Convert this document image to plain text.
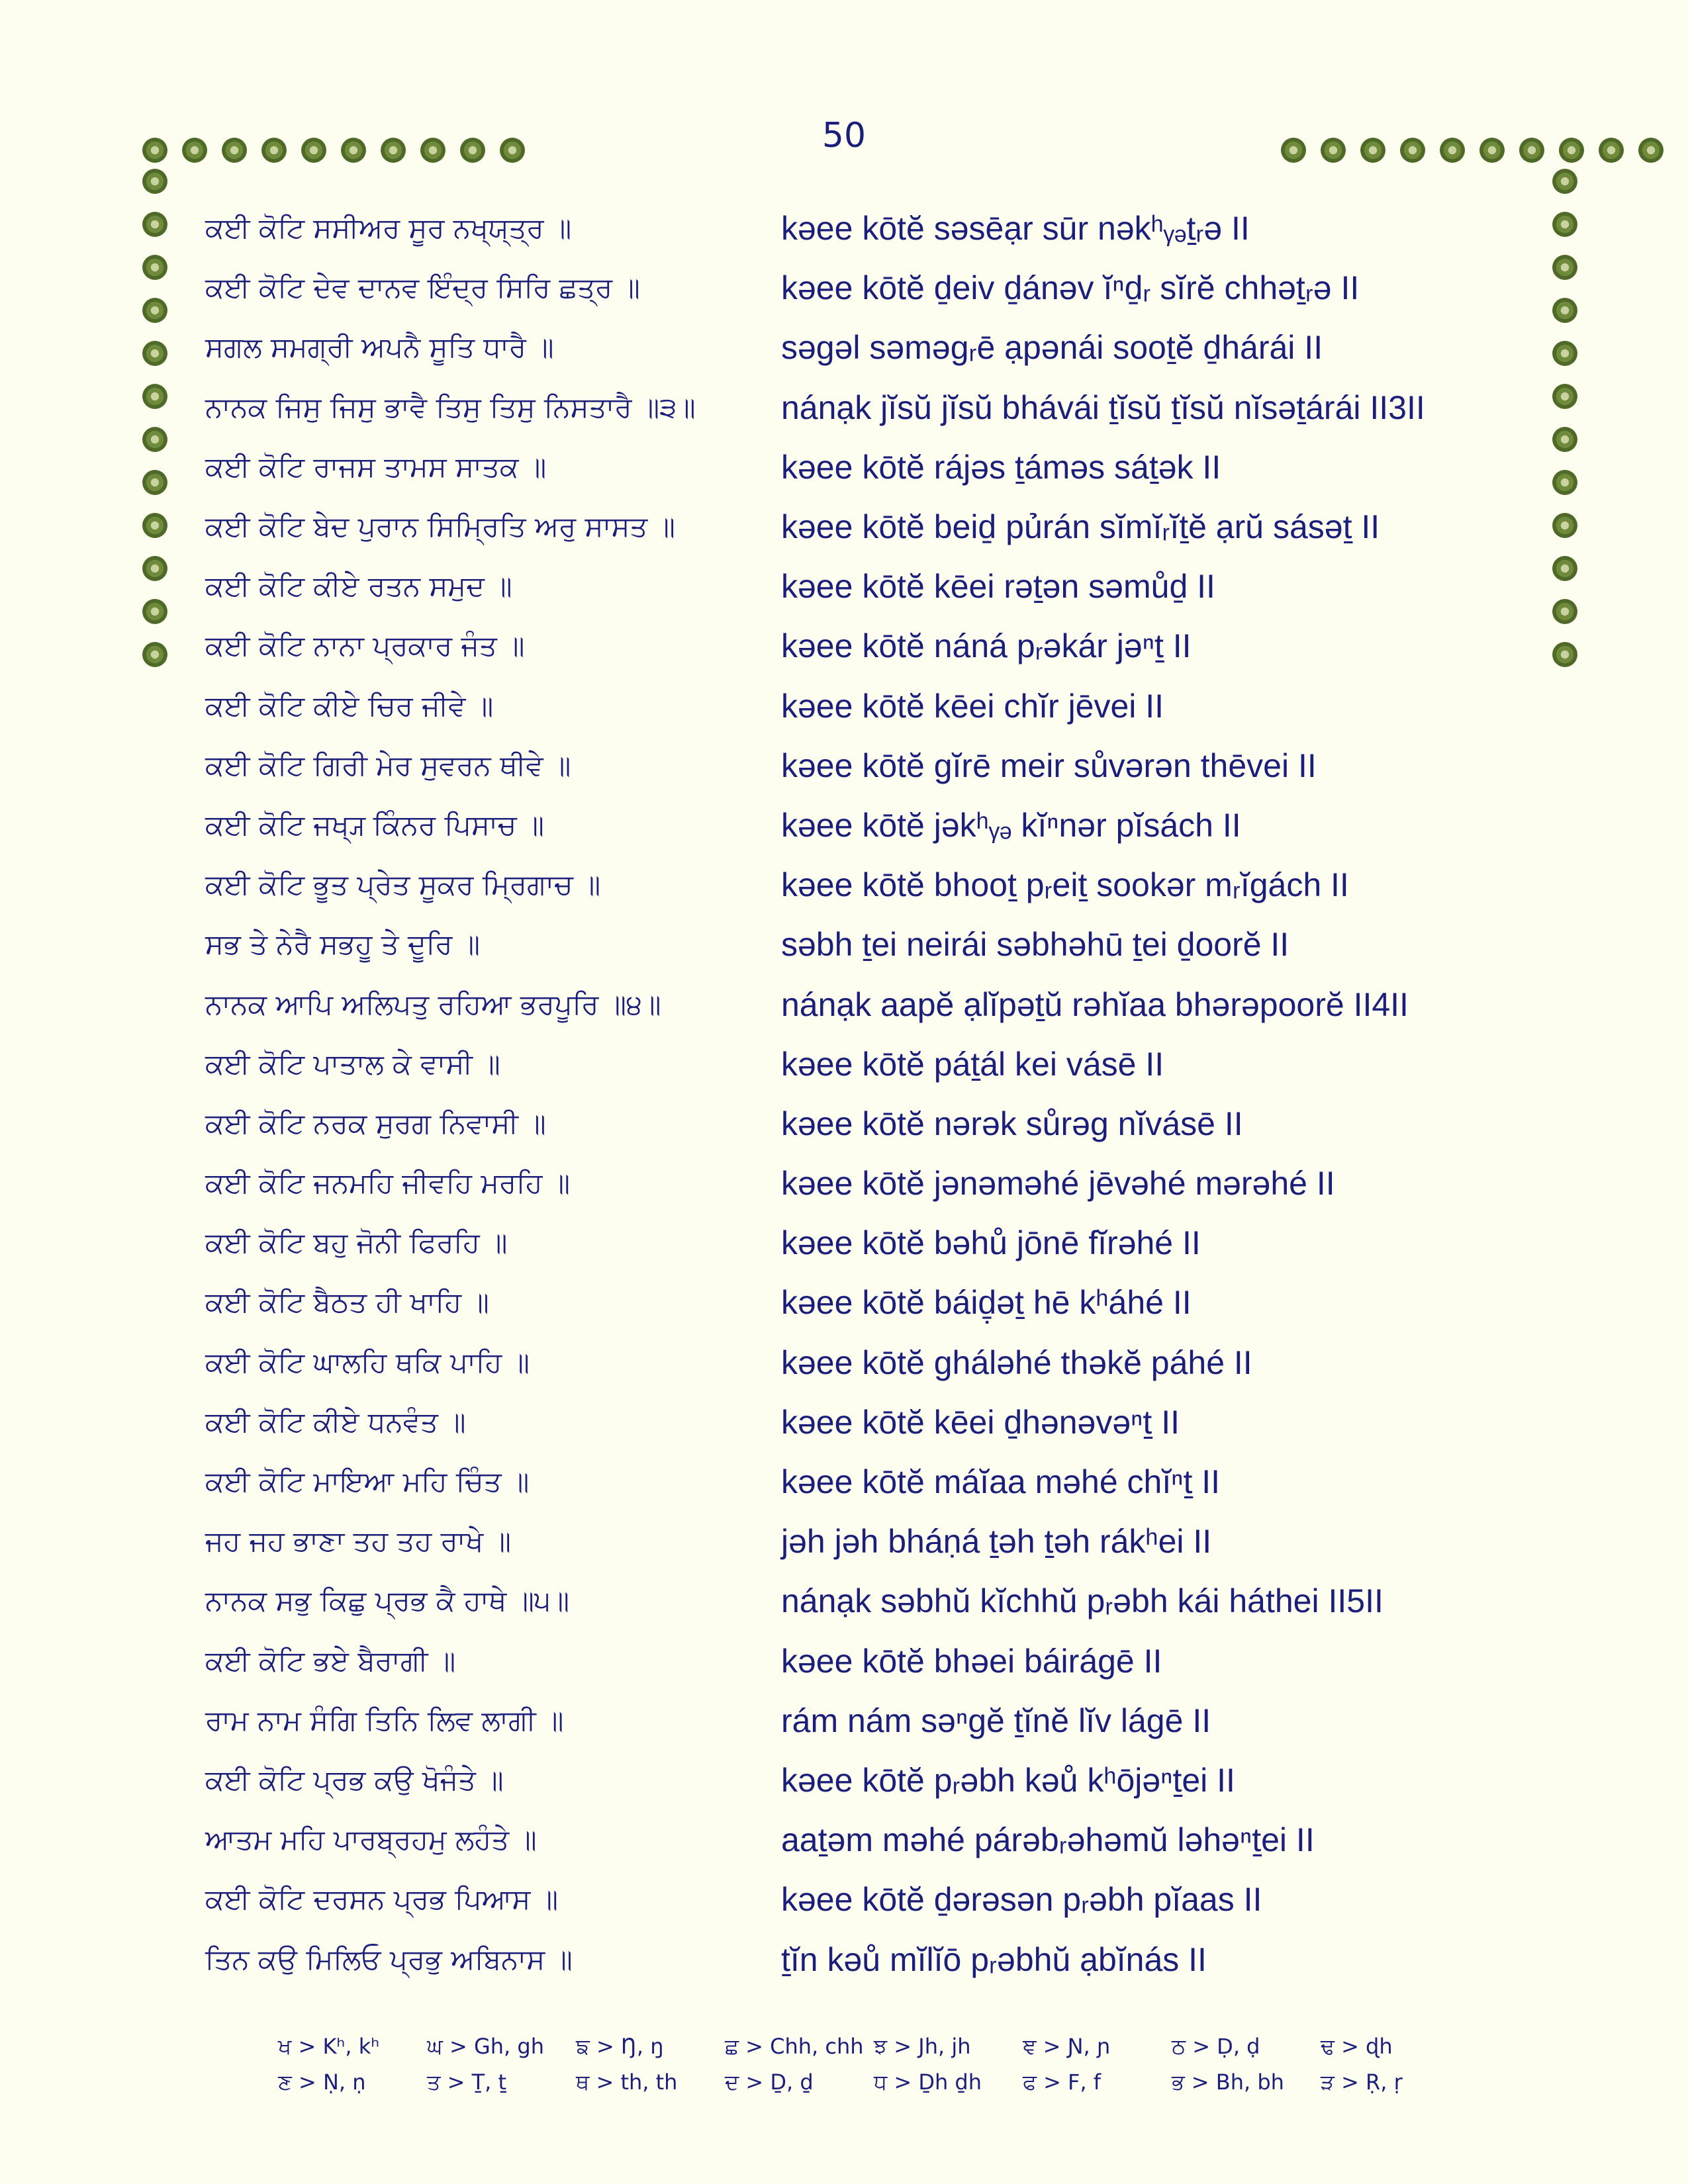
50
ਕਈ ਕੋਟਿ ਸਸੀਅਰ ਸੂਰ ਨਖ੍ਯ੍ਤ੍ਰ ॥	kəee kōtĕ səsēạr sūr nəkʰᵧₔṯᵣə II
ਕਈ ਕੋਟਿ ਦੇਵ ਦਾਨਵ ਇੰਦ੍ਰ ਸਿਰਿ ਛਤ੍ਰ ॥	kəee kōtĕ ḏeiv ḏánəv ĭⁿḏᵣ sĭrĕ chhəṯᵣə II
ਸਗਲ ਸਮਗ੍ਰੀ ਅਪਨੈ ਸੂਤਿ ਧਾਰੈ ॥	səgəl səməgᵣē ạpənái sooṯĕ ḏhárái II
ਨਾਨਕ ਜਿਸੁ ਜਿਸੁ ਭਾਵੈ ਤਿਸੁ ਤਿਸੁ ਨਿਸਤਾਰੈ ॥੩॥	nánạk jĭsŭ jĭsŭ bhávái ṯĭsŭ ṯĭsŭ nĭsəṯárái II3II
ਕਈ ਕੋਟਿ ਰਾਜਸ ਤਾਮਸ ਸਾਤਕ ॥	kəee kōtĕ rájəs ṯáməs sáṯək II
ਕਈ ਕੋਟਿ ਬੇਦ ਪੁਰਾਨ ਸਿਮ੍ਰਿਤਿ ਅਰੁ ਸਾਸਤ ॥	kəee kōtĕ beiḏ pủrán sĭmĭᵣĭṯĕ ạrŭ sásəṯ II
ਕਈ ਕੋਟਿ ਕੀਏ ਰਤਨ ਸਮੁਦ ॥	kəee kōtĕ kēei rəṯən səmůḏ II
ਕਈ ਕੋਟਿ ਨਾਨਾ ਪ੍ਰਕਾਰ ਜੰਤ ॥	kəee kōtĕ náná pᵣəkár jəⁿṯ II
ਕਈ ਕੋਟਿ ਕੀਏ ਚਿਰ ਜੀਵੇ ॥	kəee kōtĕ kēei chĭr jēvei II
ਕਈ ਕੋਟਿ ਗਿਰੀ ਮੇਰ ਸੁਵਰਨ ਥੀਵੇ ॥	kəee kōtĕ gĭrē meir sůvərən thēvei II
ਕਈ ਕੋਟਿ ਜਖ੍ਯ੍ ਕਿੰਨਰ ਪਿਸਾਚ ॥	kəee kōtĕ jəkʰᵧₔ kĭⁿnər pĭsách II
ਕਈ ਕੋਟਿ ਭੂਤ ਪ੍ਰੇਤ ਸੂਕਰ ਮ੍ਰਿਗਾਚ ॥	kəee kōtĕ bhooṯ pᵣeiṯ sookər mᵣĭgách II
ਸਭ ਤੇ ਨੇਰੈ ਸਭਹੂ ਤੇ ਦੂਰਿ ॥	səbh ṯei neirái səbhəhū ṯei ḏoorĕ II
ਨਾਨਕ ਆਪਿ ਅਲਿਪਤੁ ਰਹਿਆ ਭਰਪੂਰਿ ॥੪॥	nánạk aapĕ ạlĭpəṯŭ rəhĭaa bhərəpoorĕ II4II
ਕਈ ਕੋਟਿ ਪਾਤਾਲ ਕੇ ਵਾਸੀ ॥	kəee kōtĕ páṯál kei vásē II
ਕਈ ਕੋਟਿ ਨਰਕ ਸੁਰਗ ਨਿਵਾਸੀ ॥	kəee kōtĕ nərək sůrəg nĭvásē II
ਕਈ ਕੋਟਿ ਜਨਮਹਿ ਜੀਵਹਿ ਮਰਹਿ ॥	kəee kōtĕ jənəməhé jēvəhé mərəhé II
ਕਈ ਕੋਟਿ ਬਹੁ ਜੋਨੀ ਫਿਰਹਿ ॥	kəee kōtĕ bəhů jōnē fĭrəhé II
ਕਈ ਕੋਟਿ ਬੈਠਤ ਹੀ ਖਾਹਿ ॥	kəee kōtĕ báiḏ̣əṯ hē kʰáhé II
ਕਈ ਕੋਟਿ ਘਾਲਹਿ ਥਕਿ ਪਾਹਿ ॥	kəee kōtĕ ghálәhé thəkĕ páhé II
ਕਈ ਕੋਟਿ ਕੀਏ ਧਨਵੰਤ ॥	kəee kōtĕ kēei ḏhənəvəⁿṯ II
ਕਈ ਕੋਟਿ ਮਾਇਆ ਮਹਿ ਚਿੰਤ ॥	kəee kōtĕ máĭaa məhé chĭⁿṯ II
ਜਹ ਜਹ ਭਾਣਾ ਤਹ ਤਹ ਰਾਖੇ ॥	jəh jəh bháṇá ṯəh ṯəh rákʰei II
ਨਾਨਕ ਸਭੁ ਕਿਛੁ ਪ੍ਰਭ ਕੈ ਹਾਥੇ ॥੫॥	nánạk səbhŭ kĭchhŭ pᵣəbh kái háthei II5II
ਕਈ ਕੋਟਿ ਭਏ ਬੈਰਾਗੀ ॥	kəee kōtĕ bhəei báirágē II
ਰਾਮ ਨਾਮ ਸੰਗਿ ਤਿਨਿ ਲਿਵ ਲਾਗੀ ॥	rám nám səⁿgĕ ṯĭnĕ lĭv lágē II
ਕਈ ਕੋਟਿ ਪ੍ਰਭ ਕਉ ਖੋਜੰਤੇ ॥	kəee kōtĕ pᵣəbh kəů kʰōjəⁿṯei II
ਆਤਮ ਮਹਿ ਪਾਰਬ੍ਰਹਮੁ ਲਹੰਤੇ ॥	aaṯəm məhé párəbᵣəhəmŭ ləhəⁿṯei II
ਕਈ ਕੋਟਿ ਦਰਸਨ ਪ੍ਰਭ ਪਿਆਸ ॥	kəee kōtĕ ḏərəsən pᵣəbh pĭaas II
ਤਿਨ ਕਉ ਮਿਲਿਓ ਪ੍ਰਭੁ ਅਬਿਨਾਸ ॥	ṯĭn kəů mĭlĭō pᵣəbhŭ ạbĭnás II
ਖ > Kʰ, kʰ	ਘ > Gh, gh	ਙ > Ŋ, ŋ	ਛ > Chh, chh ਝ > Jh, jh	ਞ > Ɲ, ɲ	ਠ > Ḍ, ḍ	ਢ > ɖh
ਣ > Ṇ, ṇ	ਤ > Ṯ, ṯ	ਥ > th, th	ਦ > Ḏ, ḏ	ਧ > Ḏh ḏh	ਫ > F, f	ਭ > Bh, bh	ੜ > Ṛ, ṛ
